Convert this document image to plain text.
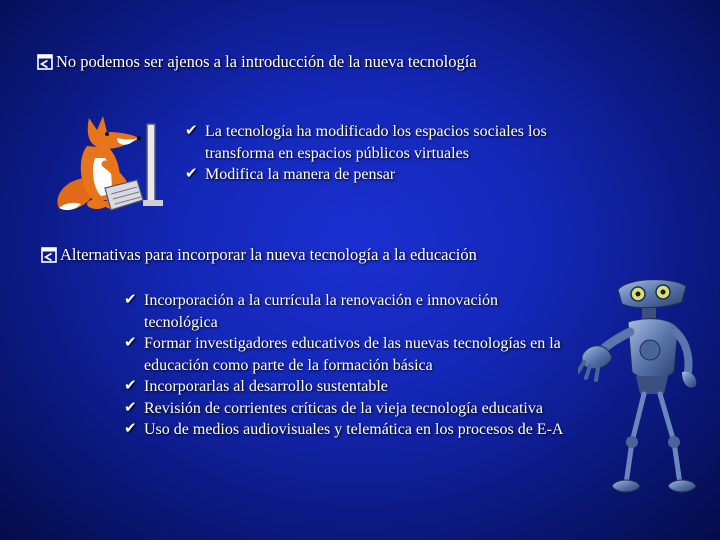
No podemos ser ajenos a la introducción de la nueva tecnología
✔ La tecnología ha modificado los espacios sociales los transforma en espacios públicos virtuales
✔ Modifica la manera de pensar
Alternativas para incorporar la nueva tecnología a la educación
✔ Incorporación a la currícula la renovación e innovación tecnológica
✔ Formar investigadores educativos de las nuevas tecnologías en la educación como parte de la formación básica
✔ Incorporarlas al desarrollo sustentable
✔ Revisión de corrientes críticas de la vieja tecnología educativa
✔ Uso de medios audiovisuales y telemática en los procesos de E-A
